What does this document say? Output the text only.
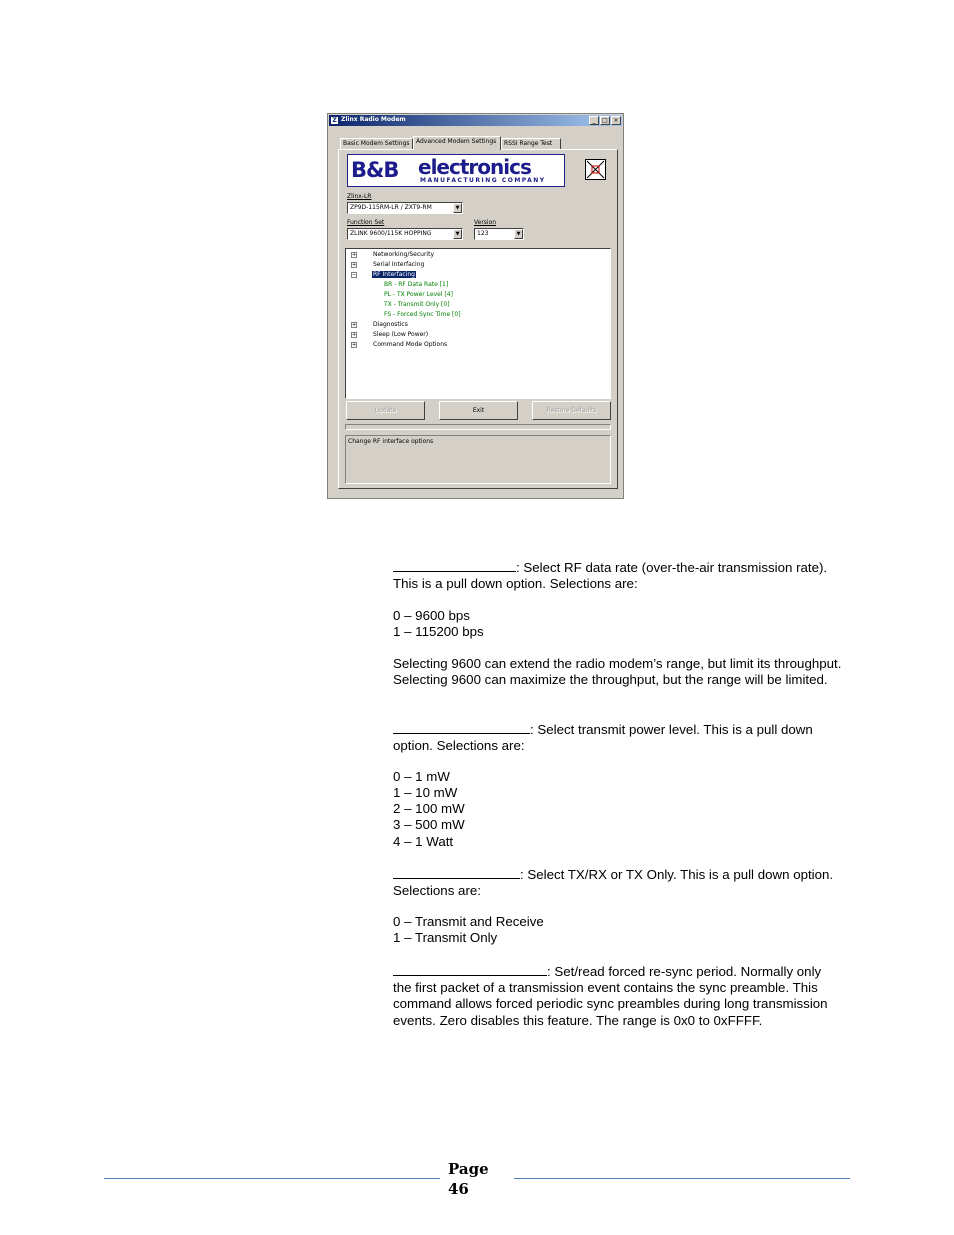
Z Zlinx Radio Modem	_	□ ×
Basic Modem Settings	Advanced Modem Settings	RSSI Range Test
B&B electronics
MANUFACTURING COMPANY
Zlinx-LR
ZP9D-115RM-LR / ZXT9-RM	▼
Function Set
ZLINK 9600/115K HOPPING	▼
Version
123	▼
+	Networking/Security
+	Serial Interfacing
−	RF Interfacing
BR - RF Data Rate [1]
PL - TX Power Level [4]
TX - Transmit Only [0]
FS - Forced Sync Time [0]
+	Diagnostics
+	Sleep (Low Power)
+	Command Mode Options
Update	Exit	Restore Defaults
Change RF interface options
: Select RF data rate (over-the-air transmission rate). This is a pull down option. Selections are:
0 – 9600 bps
1 – 115200 bps
Selecting 9600 can extend the radio modem’s range, but limit its throughput. Selecting 9600 can maximize the throughput, but the range will be limited.
: Select transmit power level. This is a pull down option. Selections are:
0 – 1 mW
1 – 10 mW
2 – 100 mW
3 – 500 mW
4 – 1 Watt
: Select TX/RX or TX Only. This is a pull down option. Selections are:
0 – Transmit and Receive
1 – Transmit Only
: Set/read forced re-sync period. Normally only the first packet of a transmission event contains the sync preamble. This command allows forced periodic sync preambles during long transmission events. Zero disables this feature. The range is 0x0 to 0xFFFF.
Page
46
